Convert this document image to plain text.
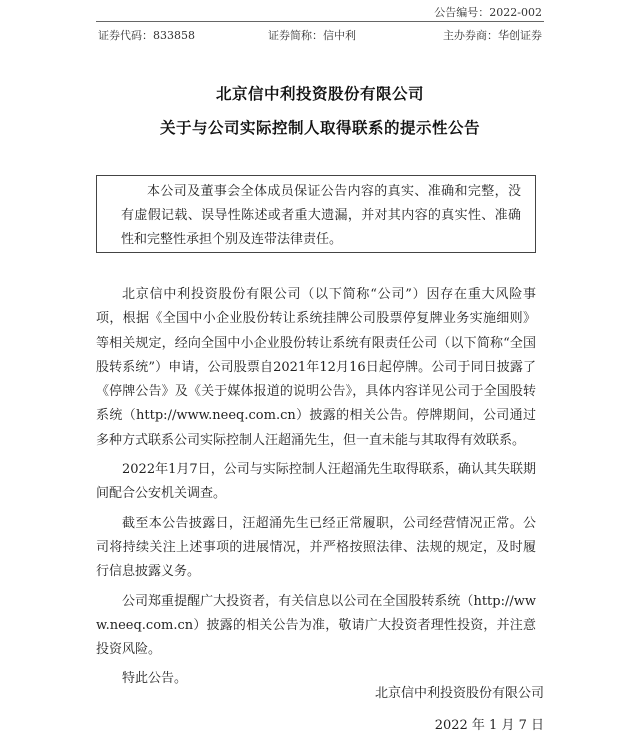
公告编号：2022-002
证券代码：833858	证券简称：信中利	主办券商：华创证券
北京信中利投资股份有限公司
关于与公司实际控制人取得联系的提示性公告
本公司及董事会全体成员保证公告内容的真实、准确和完整，没有虚假记载、误导性陈述或者重大遗漏，并对其内容的真实性、准确性和完整性承担个别及连带法律责任。

北京信中利投资股份有限公司（以下简称“公司”）因存在重大风险事项，根据《全国中小企业股份转让系统挂牌公司股票停复牌业务实施细则》等相关规定，经向全国中小企业股份转让系统有限责任公司（以下简称“全国股转系统”）申请，公司股票自2021年12月16日起停牌。公司于同日披露了《停牌公告》及《关于媒体报道的说明公告》，具体内容详见公司于全国股转系统（http://www.neeq.com.cn）披露的相关公告。停牌期间，公司通过多种方式联系公司实际控制人汪超涌先生，但一直未能与其取得有效联系。

2022年1月7日，公司与实际控制人汪超涌先生取得联系，确认其失联期间配合公安机关调查。

截至本公告披露日，汪超涌先生已经正常履职，公司经营情况正常。公司将持续关注上述事项的进展情况，并严格按照法律、法规的规定，及时履行信息披露义务。

公司郑重提醒广大投资者，有关信息以公司在全国股转系统（http://www.neeq.com.cn）披露的相关公告为准，敬请广大投资者理性投资，并注意投资风险。

特此公告。

北京信中利投资股份有限公司
2022 年 1 月 7 日
